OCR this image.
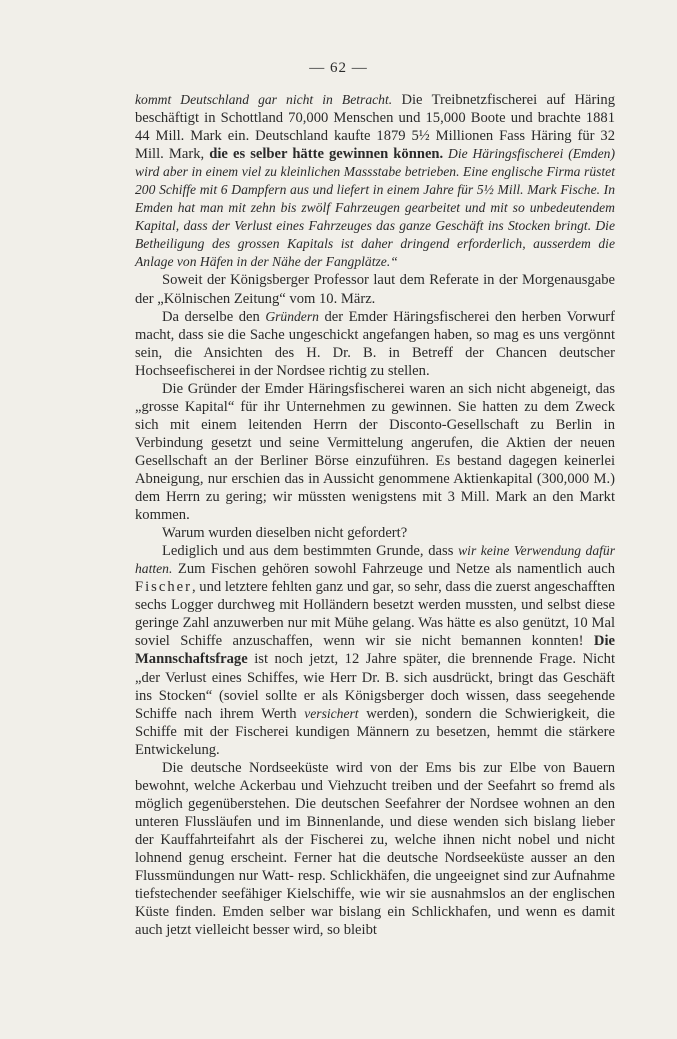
— 62 —

kommt Deutschland gar nicht in Betracht. Die Treibnetzfischerei auf Häring beschäftigt in Schottland 70,000 Menschen und 15,000 Boote und brachte 1881 44 Mill. Mark ein. Deutschland kaufte 1879 5½ Millionen Fass Häring für 32 Mill. Mark, die es selber hätte gewinnen können. Die Häringsfischerei (Emden) wird aber in einem viel zu kleinlichen Massstabe betrieben. Eine englische Firma rüstet 200 Schiffe mit 6 Dampfern aus und liefert in einem Jahre für 5½ Mill. Mark Fische. In Emden hat man mit zehn bis zwölf Fahrzeugen gearbeitet und mit so unbedeutendem Kapital, dass der Verlust eines Fahrzeuges das ganze Geschäft ins Stocken bringt. Die Betheiligung des grossen Kapitals ist daher dringend erforderlich, ausserdem die Anlage von Häfen in der Nähe der Fangplätze.“

Soweit der Königsberger Professor laut dem Referate in der Morgenausgabe der „Kölnischen Zeitung“ vom 10. März.

Da derselbe den Gründern der Emder Häringsfischerei den herben Vorwurf macht, dass sie die Sache ungeschickt angefangen haben, so mag es uns vergönnt sein, die Ansichten des H. Dr. B. in Betreff der Chancen deutscher Hochseefischerei in der Nordsee richtig zu stellen.

Die Gründer der Emder Häringsfischerei waren an sich nicht abgeneigt, das „grosse Kapital“ für ihr Unternehmen zu gewinnen. Sie hatten zu dem Zweck sich mit einem leitenden Herrn der Disconto-Gesellschaft zu Berlin in Verbindung gesetzt und seine Vermittelung angerufen, die Aktien der neuen Gesellschaft an der Berliner Börse einzuführen. Es bestand dagegen keinerlei Abneigung, nur erschien das in Aussicht genommene Aktienkapital (300,000 M.) dem Herrn zu gering; wir müssten wenigstens mit 3 Mill. Mark an den Markt kommen.

Warum wurden dieselben nicht gefordert?

Lediglich und aus dem bestimmten Grunde, dass wir keine Verwendung dafür hatten. Zum Fischen gehören sowohl Fahrzeuge und Netze als namentlich auch Fischer, und letztere fehlten ganz und gar, so sehr, dass die zuerst angeschafften sechs Logger durchweg mit Holländern besetzt werden mussten, und selbst diese geringe Zahl anzuwerben nur mit Mühe gelang. Was hätte es also genützt, 10 Mal soviel Schiffe anzuschaffen, wenn wir sie nicht bemannen konnten! Die Mannschaftsfrage ist noch jetzt, 12 Jahre später, die brennende Frage. Nicht „der Verlust eines Schiffes, wie Herr Dr. B. sich ausdrückt, bringt das Geschäft ins Stocken“ (soviel sollte er als Königsberger doch wissen, dass seegehende Schiffe nach ihrem Werth versichert werden), sondern die Schwierigkeit, die Schiffe mit der Fischerei kundigen Männern zu besetzen, hemmt die stärkere Entwickelung.

Die deutsche Nordseeküste wird von der Ems bis zur Elbe von Bauern bewohnt, welche Ackerbau und Viehzucht treiben und der Seefahrt so fremd als möglich gegenüberstehen. Die deutschen Seefahrer der Nordsee wohnen an den unteren Flussläufen und im Binnenlande, und diese wenden sich bislang lieber der Kauffahrteifahrt als der Fischerei zu, welche ihnen nicht nobel und nicht lohnend genug erscheint. Ferner hat die deutsche Nordseeküste ausser an den Flussmündungen nur Watt- resp. Schlickhäfen, die ungeeignet sind zur Aufnahme tiefstechender seefähiger Kielschiffe, wie wir sie ausnahmslos an der englischen Küste finden. Emden selber war bislang ein Schlickhafen, und wenn es damit auch jetzt vielleicht besser wird, so bleibt
